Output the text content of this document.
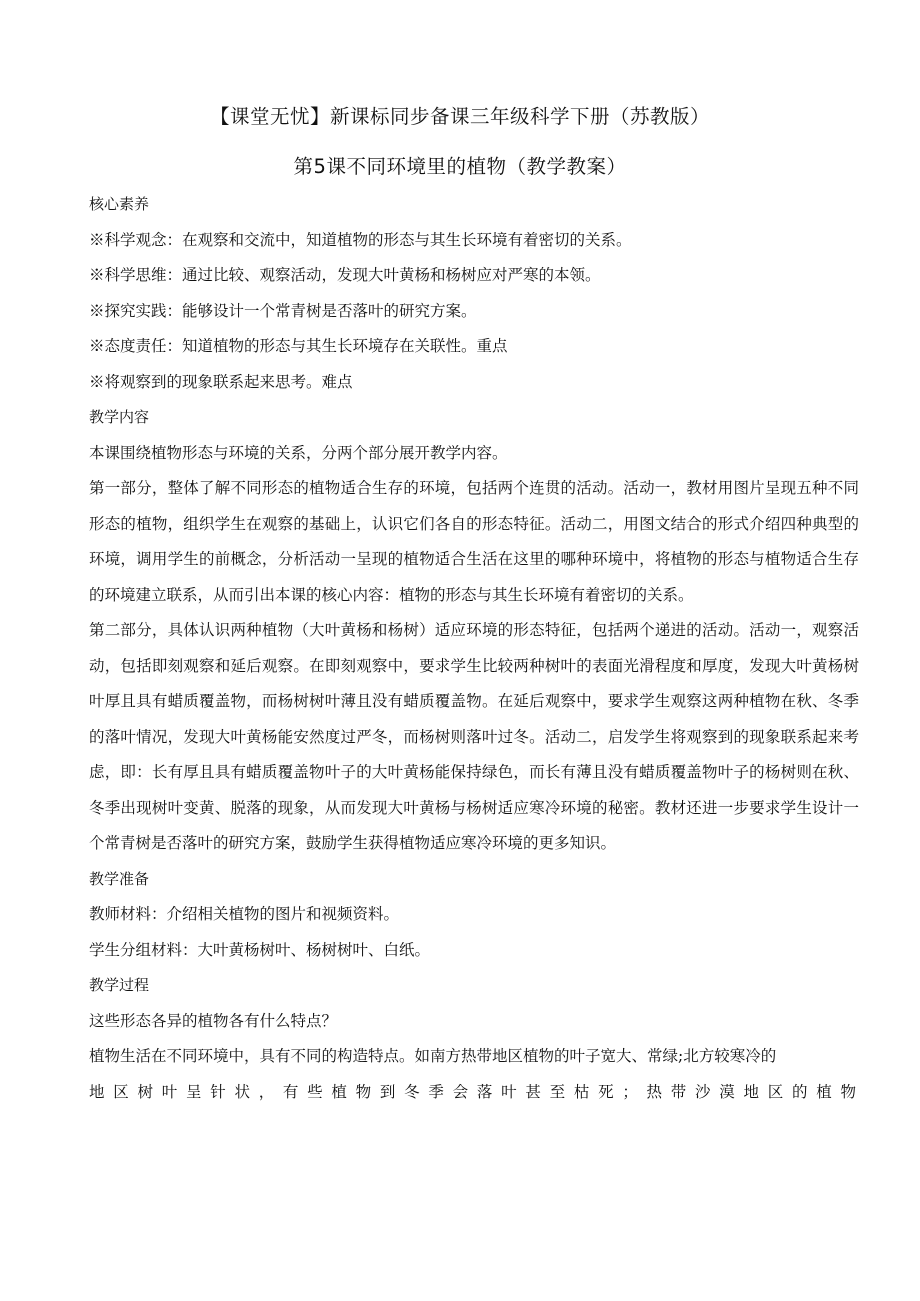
【课堂无忧】新课标同步备课三年级科学下册（苏教版）
第5课不同环境里的植物（教学教案）

核心素养

※科学观念：在观察和交流中，知道植物的形态与其生长环境有着密切的关系。

※科学思维：通过比较、观察活动，发现大叶黄杨和杨树应对严寒的本领。

※探究实践：能够设计一个常青树是否落叶的研究方案。

※态度责任：知道植物的形态与其生长环境存在关联性。重点

※将观察到的现象联系起来思考。难点

教学内容

本课围绕植物形态与环境的关系，分两个部分展开教学内容。

第一部分，整体了解不同形态的植物适合生存的环境，包括两个连贯的活动。活动一，教材用图片呈现五种不同形态的植物，组织学生在观察的基础上，认识它们各自的形态特征。活动二，用图文结合的形式介绍四种典型的环境，调用学生的前概念，分析活动一呈现的植物适合生活在这里的哪种环境中，将植物的形态与植物适合生存的环境建立联系，从而引出本课的核心内容：植物的形态与其生长环境有着密切的关系。

第二部分，具体认识两种植物（大叶黄杨和杨树）适应环境的形态特征，包括两个递进的活动。活动一，观察活动，包括即刻观察和延后观察。在即刻观察中，要求学生比较两种树叶的表面光滑程度和厚度，发现大叶黄杨树叶厚且具有蜡质覆盖物，而杨树树叶薄且没有蜡质覆盖物。在延后观察中，要求学生观察这两种植物在秋、冬季的落叶情况，发现大叶黄杨能安然度过严冬，而杨树则落叶过冬。活动二，启发学生将观察到的现象联系起来考虑，即：长有厚且具有蜡质覆盖物叶子的大叶黄杨能保持绿色，而长有薄且没有蜡质覆盖物叶子的杨树则在秋、冬季出现树叶变黄、脱落的现象，从而发现大叶黄杨与杨树适应寒冷环境的秘密。教材还进一步要求学生设计一个常青树是否落叶的研究方案，鼓励学生获得植物适应寒冷环境的更多知识。

教学准备

教师材料：介绍相关植物的图片和视频资料。

学生分组材料：大叶黄杨树叶、杨树树叶、白纸。

教学过程

这些形态各异的植物各有什么特点？

植物生活在不同环境中，具有不同的构造特点。如南方热带地区植物的叶子宽大、常绿;北方较寒冷的

地区树叶呈针状，有些植物到冬季会落叶甚至枯死；热带沙漠地区的植物
